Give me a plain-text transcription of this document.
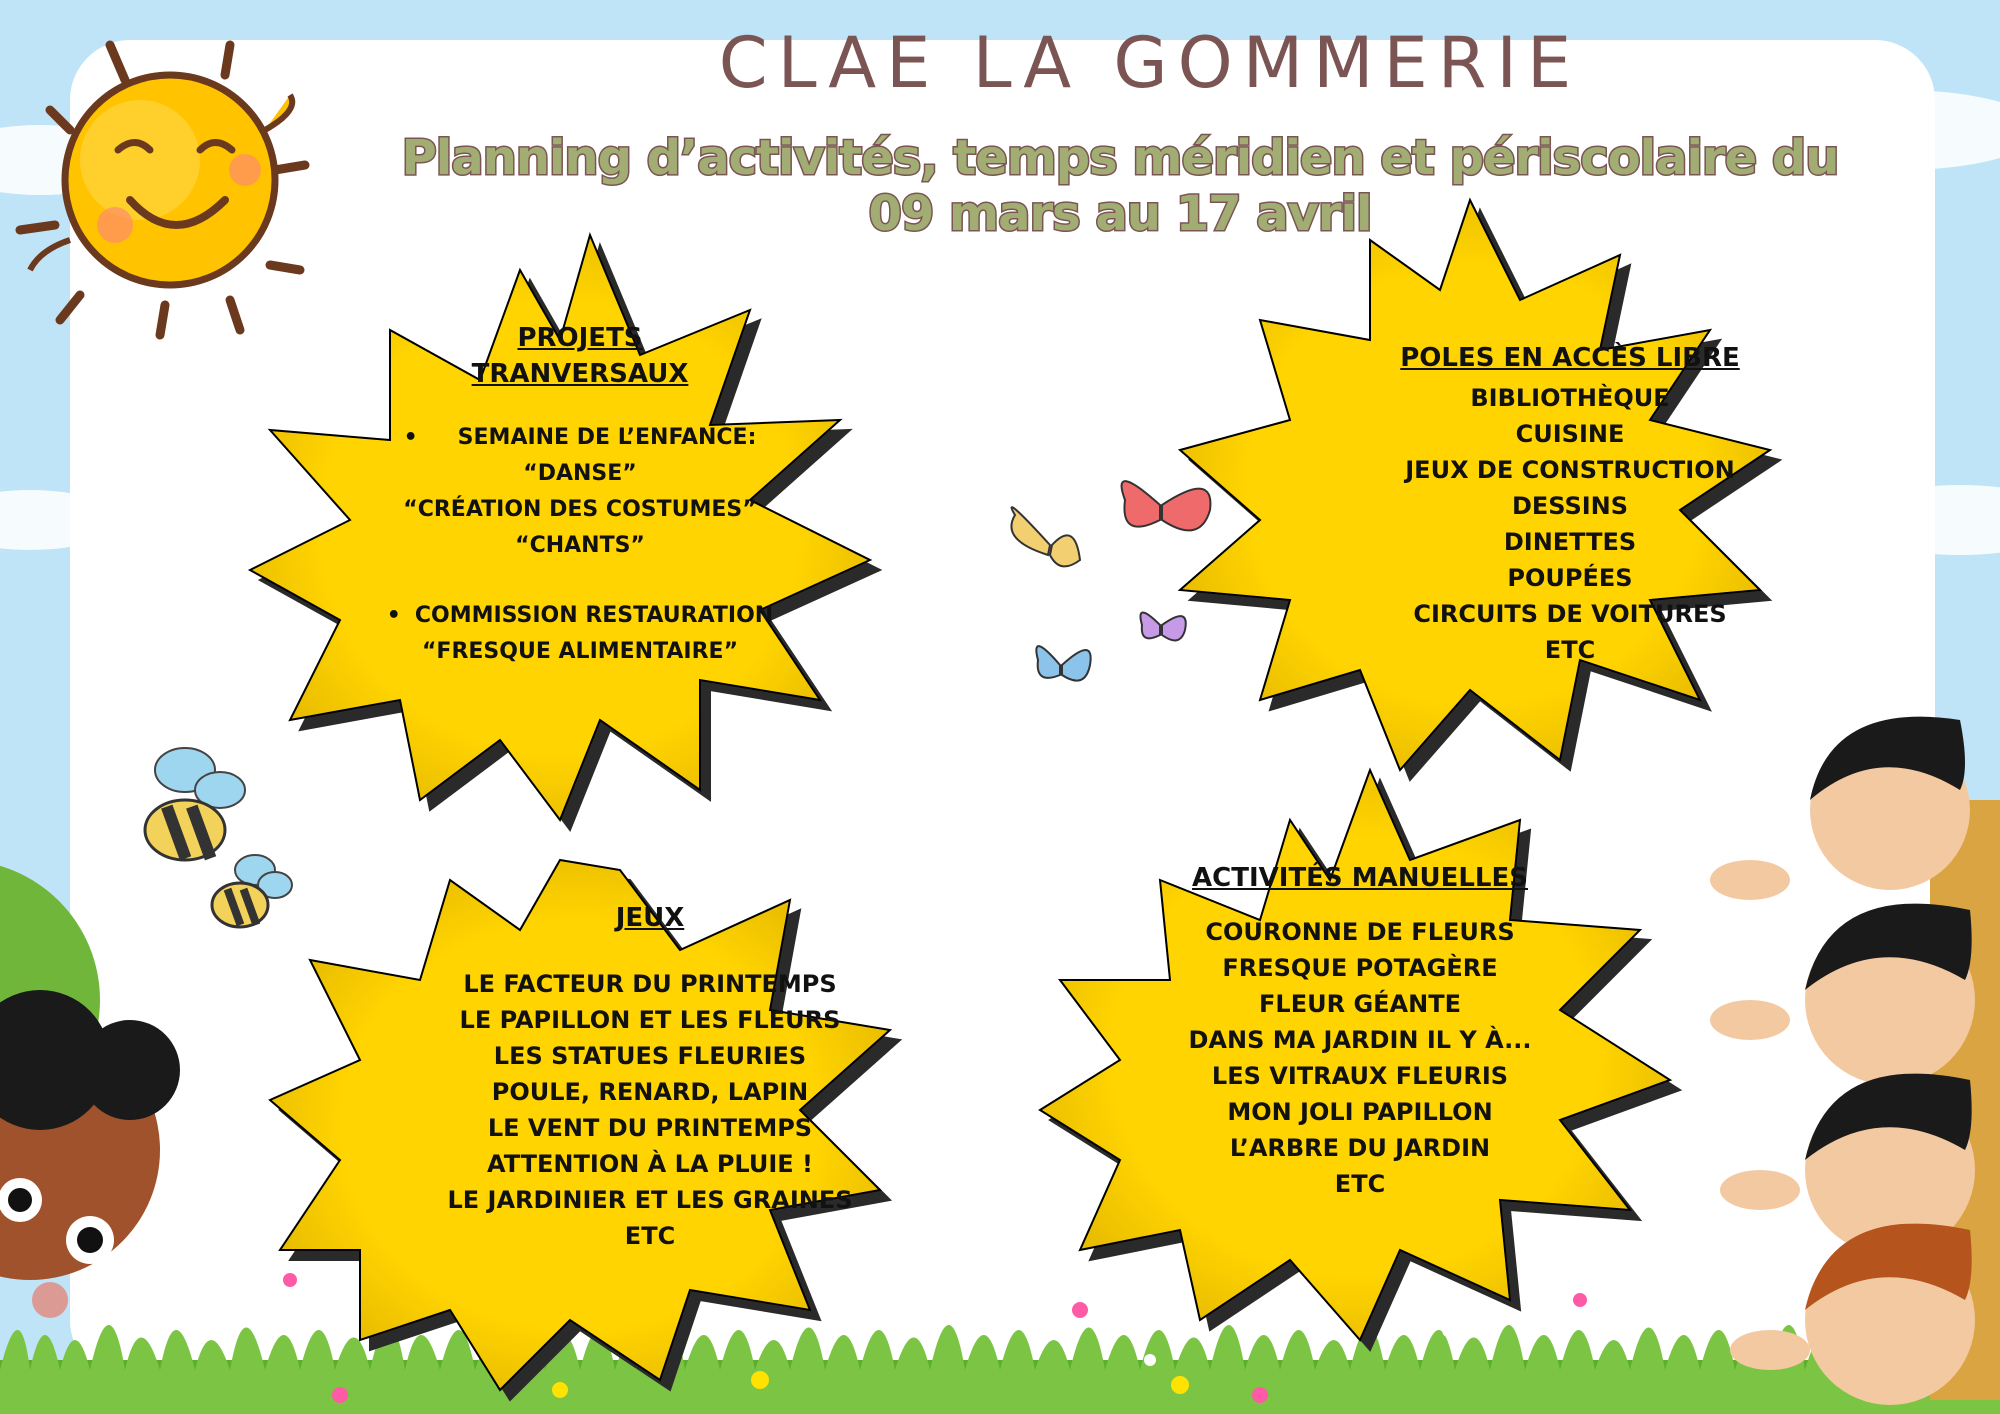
CLAE LA GOMMERIE
Planning d’activités, temps méridien et périscolaire du
09 mars au 17 avril
PROJETS
TRANVERSAUX
• SEMAINE DE L’ENFANCE:
“DANSE”
“CRÉATION DES COSTUMES”
“CHANTS”
• COMMISSION RESTAURATION
“FRESQUE ALIMENTAIRE”
POLES EN ACCÈS LIBRE
BIBLIOTHÈQUE
CUISINE
JEUX DE CONSTRUCTION
DESSINS
DINETTES
POUPÉES
CIRCUITS DE VOITURES
ETC
JEUX
LE FACTEUR DU PRINTEMPS
LE PAPILLON ET LES FLEURS
LES STATUES FLEURIES
POULE, RENARD, LAPIN
LE VENT DU PRINTEMPS
ATTENTION À LA PLUIE !
LE JARDINIER ET LES GRAINES
ETC
ACTIVITÉS MANUELLES
COURONNE DE FLEURS
FRESQUE POTAGÈRE
FLEUR GÉANTE
DANS MA JARDIN IL Y À...
LES VITRAUX FLEURIS
MON JOLI PAPILLON
L’ARBRE DU JARDIN
ETC
